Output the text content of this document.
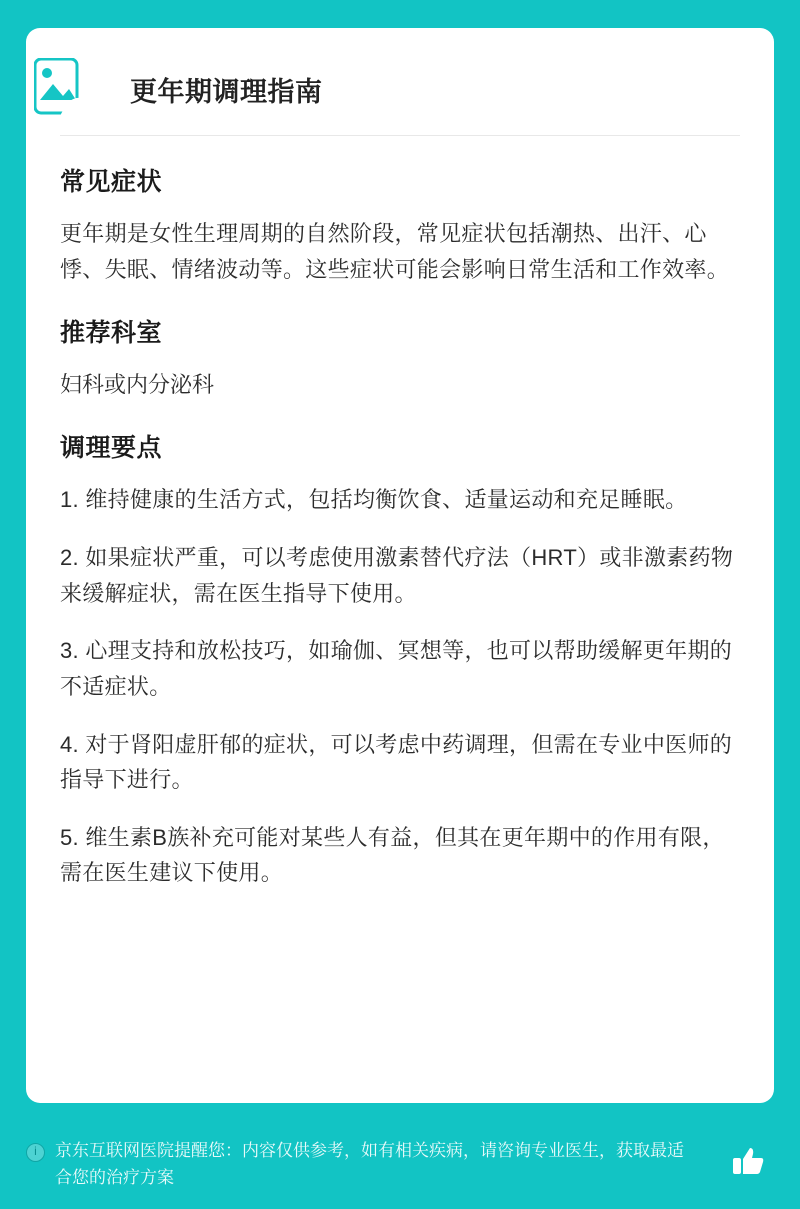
更年期调理指南
常见症状

更年期是女性生理周期的自然阶段，常见症状包括潮热、出汗、心悸、失眠、情绪波动等。这些症状可能会影响日常生活和工作效率。

推荐科室

妇科或内分泌科

调理要点
1. 维持健康的生活方式，包括均衡饮食、适量运动和充足睡眠。
2. 如果症状严重，可以考虑使用激素替代疗法（HRT）或非激素药物来缓解症状，需在医生指导下使用。
3. 心理支持和放松技巧，如瑜伽、冥想等，也可以帮助缓解更年期的不适症状。
4. 对于肾阳虚肝郁的症状，可以考虑中药调理，但需在专业中医师的指导下进行。
5. 维生素B族补充可能对某些人有益，但其在更年期中的作用有限，需在医生建议下使用。
i	京东互联网医院提醒您：内容仅供参考，如有相关疾病，请咨询专业医生，获取最适合您的治疗方案
